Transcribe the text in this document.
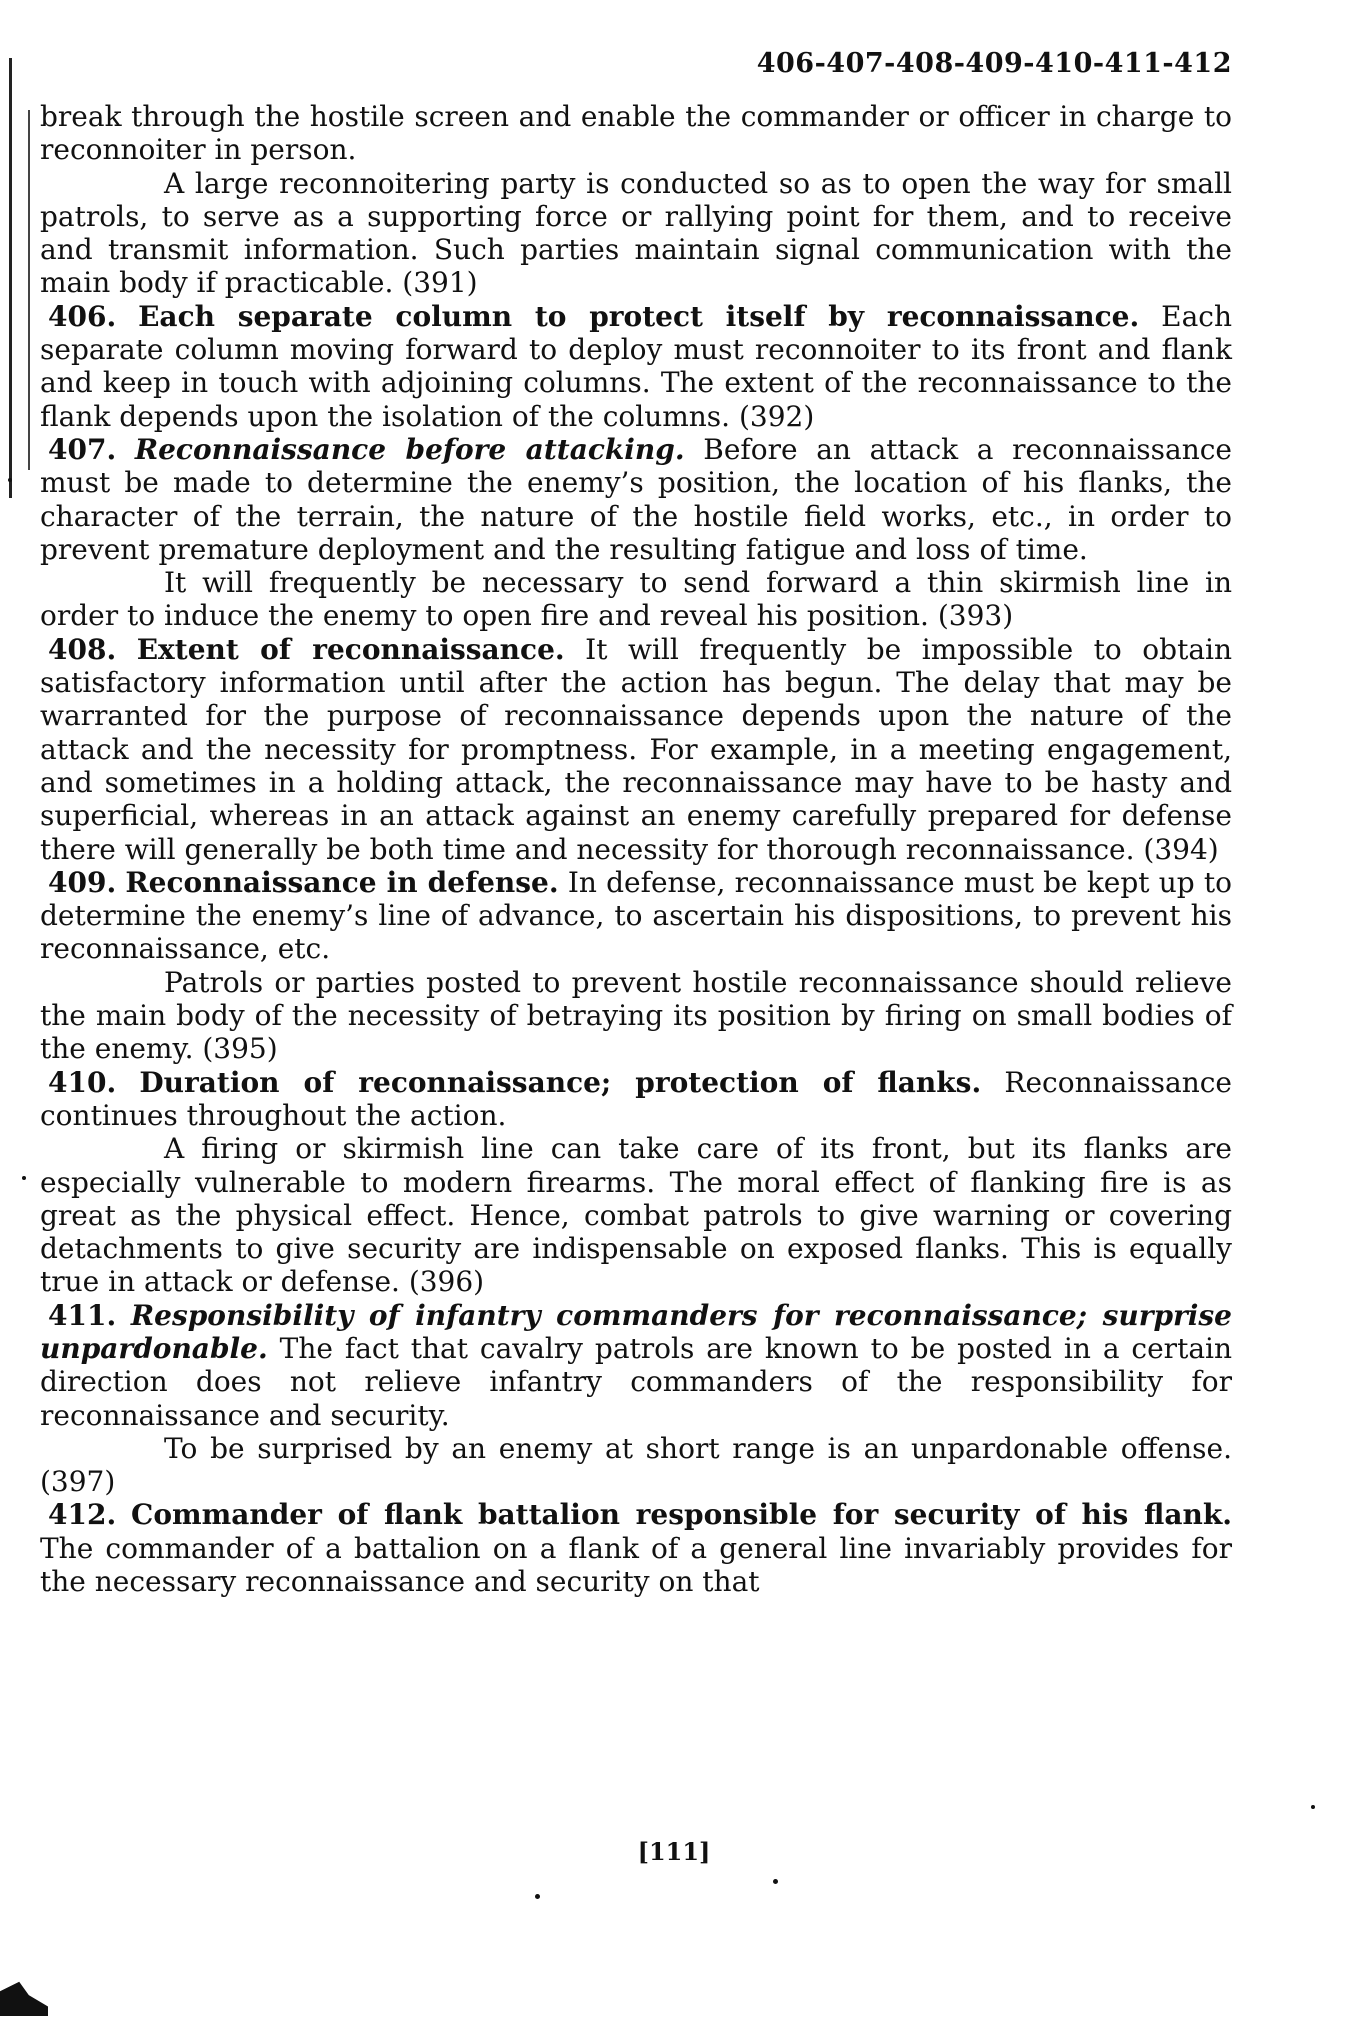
406-407-408-409-410-411-412

break through the hostile screen and enable the commander or officer in charge to reconnoiter in person.

A large reconnoitering party is conducted so as to open the way for small patrols, to serve as a supporting force or rallying point for them, and to receive and transmit information. Such parties maintain signal communication with the main body if practicable. (391)

406. Each separate column to protect itself by reconnaissance. Each separate column moving forward to deploy must reconnoiter to its front and flank and keep in touch with adjoining columns. The extent of the reconnaissance to the flank depends upon the isolation of the columns. (392)

407. Reconnaissance before attacking. Before an attack a reconnaissance must be made to determine the enemy’s position, the location of his flanks, the character of the terrain, the nature of the hostile field works, etc., in order to prevent premature deployment and the resulting fatigue and loss of time.

It will frequently be necessary to send forward a thin skirmish line in order to induce the enemy to open fire and reveal his position. (393)

408. Extent of reconnaissance. It will frequently be impossible to obtain satisfactory information until after the action has begun. The delay that may be warranted for the purpose of reconnaissance depends upon the nature of the attack and the necessity for promptness. For example, in a meeting engagement, and sometimes in a holding attack, the reconnaissance may have to be hasty and superficial, whereas in an attack against an enemy carefully prepared for defense there will generally be both time and necessity for thorough reconnaissance. (394)

409. Reconnaissance in defense. In defense, reconnaissance must be kept up to determine the enemy’s line of advance, to ascertain his dispositions, to prevent his reconnaissance, etc.

Patrols or parties posted to prevent hostile reconnaissance should relieve the main body of the necessity of betraying its position by firing on small bodies of the enemy. (395)

410. Duration of reconnaissance; protection of flanks. Reconnaissance continues throughout the action.

A firing or skirmish line can take care of its front, but its flanks are especially vulnerable to modern firearms. The moral effect of flanking fire is as great as the physical effect. Hence, combat patrols to give warning or covering detachments to give security are indispensable on exposed flanks. This is equally true in attack or defense. (396)

411. Responsibility of infantry commanders for reconnaissance; surprise unpardonable. The fact that cavalry patrols are known to be posted in a certain direction does not relieve infantry commanders of the responsibility for reconnaissance and security.

To be surprised by an enemy at short range is an unpardonable offense. (397)

412. Commander of flank battalion responsible for security of his flank. The commander of a battalion on a flank of a general line invariably provides for the necessary reconnaissance and security on that

[111]
